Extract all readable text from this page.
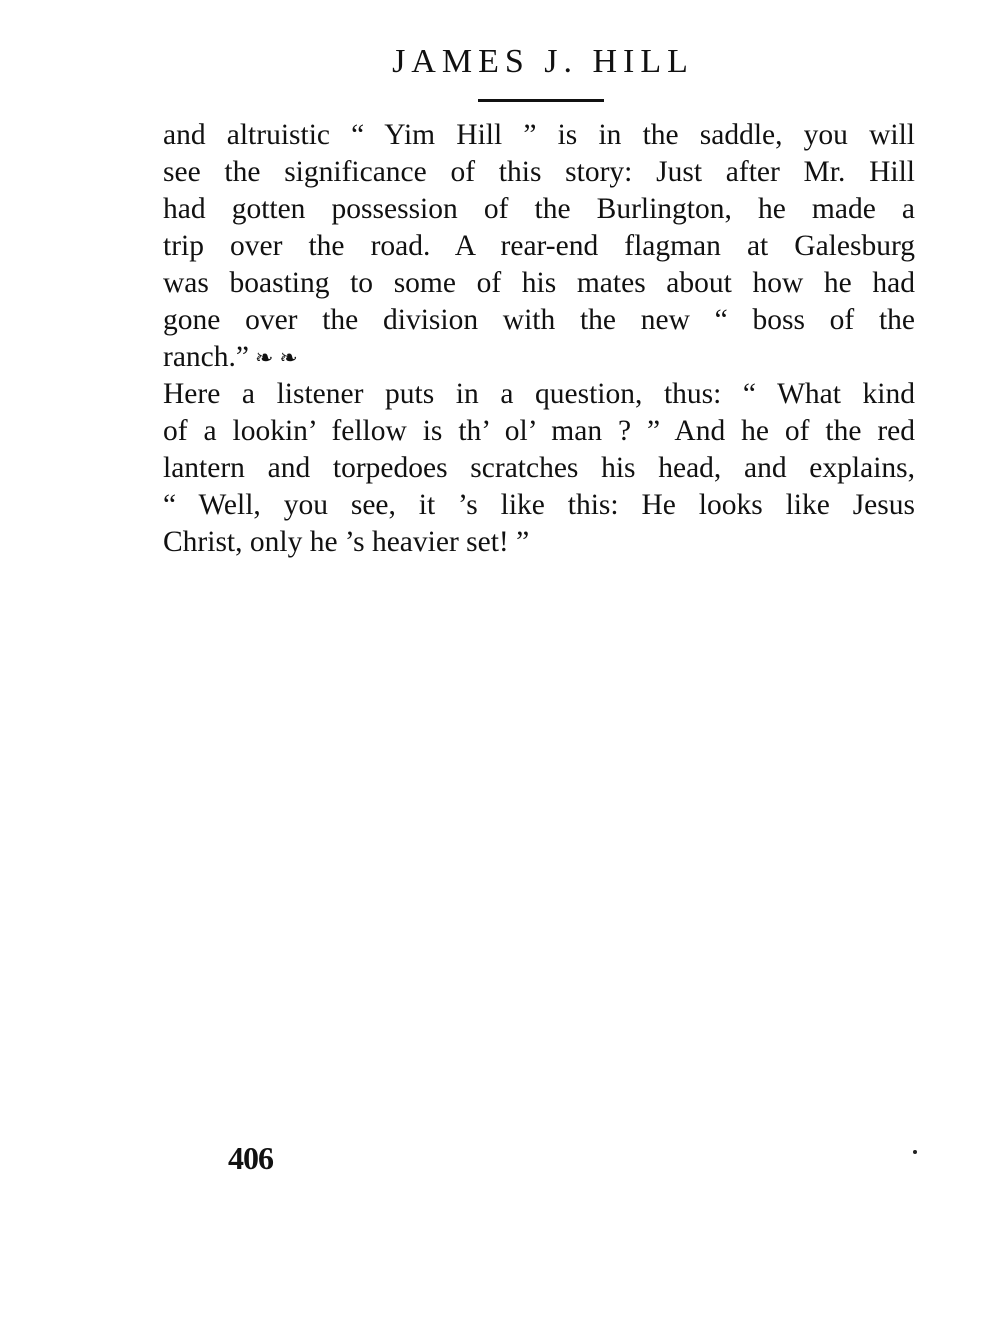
JAMES J. HILL
and altruistic “ Yim Hill ” is in the saddle, you will
see the significance of this story: Just after Mr. Hill
had gotten possession of the Burlington, he made a
trip over the road. A rear-end flagman at Galesburg
was boasting to some of his mates about how he had
gone over the division with the new “ boss of the
ranch.” ❧ ❧
Here a listener puts in a question, thus: “ What kind
of a lookin’ fellow is th’ ol’ man ? ” And he of the red
lantern and torpedoes scratches his head, and explains,
“ Well, you see, it ’s like this: He looks like Jesus
Christ, only he ’s heavier set! ”
406
